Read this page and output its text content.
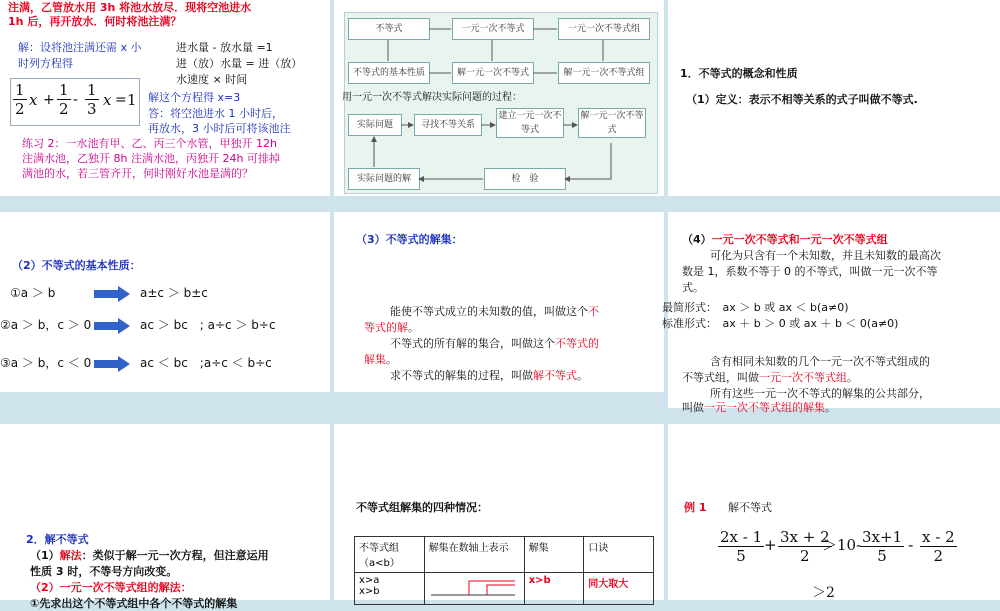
注满，乙管放水用 3h 将池水放尽．现将空池进水
1h 后，再开放水．何时将池注满？
解：设将池注满还需 x 小
时列方程得
进水量 - 放水量 =1
进（放）水量 = 进（放）
水速度 × 时间
$\frac{1}{2}$ $x + \frac{1}{2} - \frac{1}{3}$ x = 1 解这个方程得 x=3
答：将空池进水 1 小时后，
再放水，3 小时后可将该池注
练习 2：一水池有甲、乙、丙三个水管，甲独开 12h
注满水池，乙独开 8h 注满水池，丙独开 24h 可排掉
满池的水，若三管齐开，何时刚好水池是满的？
不等式	一元一次不等式	一元一次不等式组
不等式的基本性质	解一元一次不等式	解一元一次不等式组
用一元一次不等式解决实际问题的过程：
实际问题	寻找不等关系
建立一元一次不等式
解一元一次不等式
实际问题的解	检　验
1．不等式的概念和性质
（1）定义：表示不相等关系的式子叫做不等式.
（2）不等式的基本性质：
①a ＞ b	a±c ＞ b±c
②a ＞ b，c ＞ 0	ac ＞ bc　; a÷c ＞ b÷c
③a ＞ b，c ＜ 0	ac ＜ bc　;a÷c ＜ b÷c
（3）不等式的解集：
能使不等式成立的未知数的值，叫做这个不
等式的解。
不等式的所有解的集合，叫做这个不等式的
解集。
求不等式的解集的过程，叫做解不等式。
（4）一元一次不等式和一元一次不等式组
可化为只含有一个未知数，并且未知数的最高次
数是 1，系数不等于 0 的不等式，叫做一元一次不等
式。
最简形式：　ax ＞ b 或 ax ＜ b(a≠0)
标准形式：　ax ＋ b ＞ 0 或 ax ＋ b ＜ 0(a≠0)
含有相同未知数的几个一元一次不等式组成的
不等式组，叫做一元一次不等式组。
所有这些一元一次不等式的解集的公共部分，
叫做一元一次不等式组的解集。
2．解不等式
（1）解法：类似于解一元一次方程，但注意运用
性质 3 时，不等号方向改变。
（2）一元一次不等式组的解法：
①先求出这个不等式组中各个不等式的解集
不等式组解集的四种情况：
不等式组（a<b）	解集在数轴上表示	解集	口诀

x>a
x>b		x>b	同大取大
例 1 解不等式
$\frac{2x - 1}{5} + \frac{3x + 2}{2}$
＞10-
$\frac{3x+1}{5} - \frac{x - 2}{2}$
＞2
